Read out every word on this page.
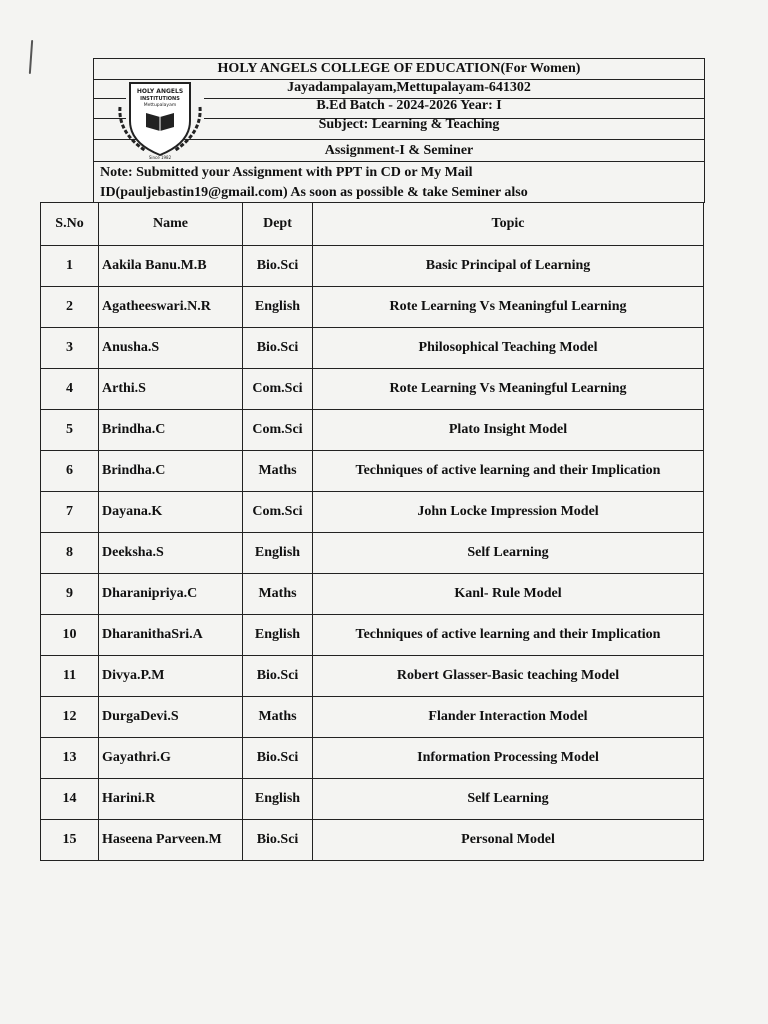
HOLY ANGELS COLLEGE OF EDUCATION(For Women)
Jayadampalayam,Mettupalayam-641302
B.Ed Batch - 2024-2026 Year: I
Subject: Learning & Teaching
Assignment-I & Seminer
HOLY ANGELS
INSTITUTIONS
Mettupalayam
Since 1982
Note: Submitted your Assignment with PPT in CD or My Mail
ID(pauljebastin19@gmail.com) As soon as possible & take Seminer also
S.No	Name	Dept	Topic
1	Aakila Banu.M.B	Bio.Sci	Basic Principal of Learning
2	Agatheeswari.N.R	English	Rote Learning Vs Meaningful Learning
3	Anusha.S	Bio.Sci	Philosophical Teaching Model
4	Arthi.S	Com.Sci	Rote Learning Vs Meaningful Learning
5	Brindha.C	Com.Sci	Plato Insight Model
6	Brindha.C	Maths	Techniques of active learning and their Implication
7	Dayana.K	Com.Sci	John Locke Impression Model
8	Deeksha.S	English	Self Learning
9	Dharanipriya.C	Maths	Kanl- Rule Model
10	DharanithaSri.A	English	Techniques of active learning and their Implication
11	Divya.P.M	Bio.Sci	Robert Glasser-Basic teaching Model
12	DurgaDevi.S	Maths	Flander Interaction Model
13	Gayathri.G	Bio.Sci	Information Processing Model
14	Harini.R	English	Self Learning
15	Haseena Parveen.M	Bio.Sci	Personal Model
